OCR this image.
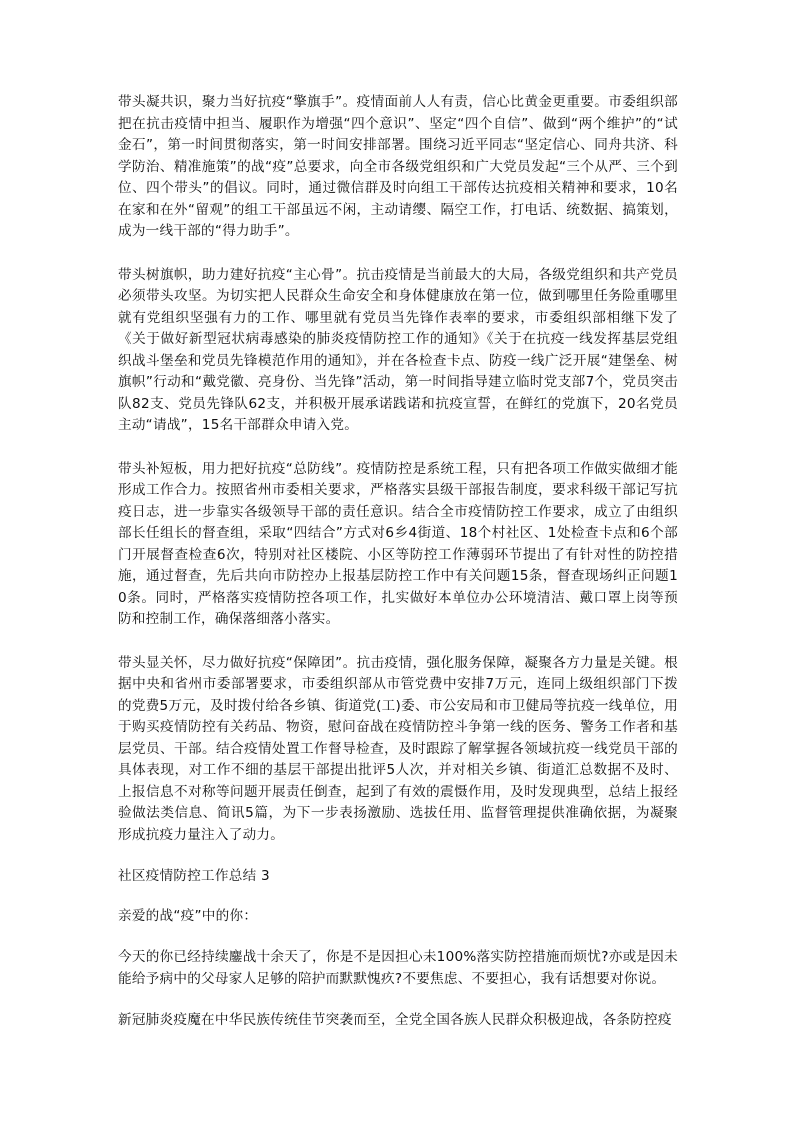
带头凝共识，聚力当好抗疫“擎旗手”。疫情面前人人有责，信心比黄金更重要。市委组织部把在抗击疫情中担当、履职作为增强“四个意识”、坚定“四个自信”、做到“两个维护”的“试金石”，第一时间贯彻落实，第一时间安排部署。围绕习近平同志“坚定信心、同舟共济、科学防治、精准施策”的战“疫”总要求，向全市各级党组织和广大党员发起“三个从严、三个到位、四个带头”的倡议。同时，通过微信群及时向组工干部传达抗疫相关精神和要求，10名在家和在外“留观”的组工干部虽远不闲，主动请缨、隔空工作，打电话、统数据、搞策划，成为一线干部的“得力助手”。

带头树旗帜，助力建好抗疫“主心骨”。抗击疫情是当前最大的大局，各级党组织和共产党员必须带头攻坚。为切实把人民群众生命安全和身体健康放在第一位，做到哪里任务险重哪里就有党组织坚强有力的工作、哪里就有党员当先锋作表率的要求，市委组织部相继下发了《关于做好新型冠状病毒感染的肺炎疫情防控工作的通知》《关于在抗疫一线发挥基层党组织战斗堡垒和党员先锋模范作用的通知》，并在各检查卡点、防疫一线广泛开展“建堡垒、树旗帜”行动和“戴党徽、亮身份、当先锋”活动，第一时间指导建立临时党支部7个，党员突击队82支、党员先锋队62支，并积极开展承诺践诺和抗疫宣誓，在鲜红的党旗下，20名党员主动“请战”，15名干部群众申请入党。

带头补短板，用力把好抗疫“总防线”。疫情防控是系统工程，只有把各项工作做实做细才能形成工作合力。按照省州市委相关要求，严格落实县级干部报告制度，要求科级干部记写抗疫日志，进一步靠实各级领导干部的责任意识。结合全市疫情防控工作要求，成立了由组织部长任组长的督查组，采取“四结合”方式对6乡4街道、18个村社区、1处检查卡点和6个部门开展督查检查6次，特别对社区楼院、小区等防控工作薄弱环节提出了有针对性的防控措施，通过督查，先后共向市防控办上报基层防控工作中有关问题15条，督查现场纠正问题10条。同时，严格落实疫情防控各项工作，扎实做好本单位办公环境清洁、戴口罩上岗等预防和控制工作，确保落细落小落实。

带头显关怀，尽力做好抗疫“保障团”。抗击疫情，强化服务保障，凝聚各方力量是关键。根据中央和省州市委部署要求，市委组织部从市管党费中安排7万元，连同上级组织部门下拨的党费5万元，及时拨付给各乡镇、街道党(工)委、市公安局和市卫健局等抗疫一线单位，用于购买疫情防控有关药品、物资，慰问奋战在疫情防控斗争第一线的医务、警务工作者和基层党员、干部。结合疫情处置工作督导检查，及时跟踪了解掌握各领域抗疫一线党员干部的具体表现，对工作不细的基层干部提出批评5人次，并对相关乡镇、街道汇总数据不及时、上报信息不对称等问题开展责任倒查，起到了有效的震慑作用，及时发现典型，总结上报经验做法类信息、简讯5篇，为下一步表扬激励、选拔任用、监督管理提供准确依据，为凝聚形成抗疫力量注入了动力。

社区疫情防控工作总结 3

亲爱的战“疫”中的你：

今天的你已经持续鏖战十余天了，你是不是因担心未100%落实防控措施而烦忧?亦或是因未能给予病中的父母家人足够的陪护而默默愧疚?不要焦虑、不要担心，我有话想要对你说。

新冠肺炎疫魔在中华民族传统佳节突袭而至，全党全国各族人民群众积极迎战，各条防控疫
